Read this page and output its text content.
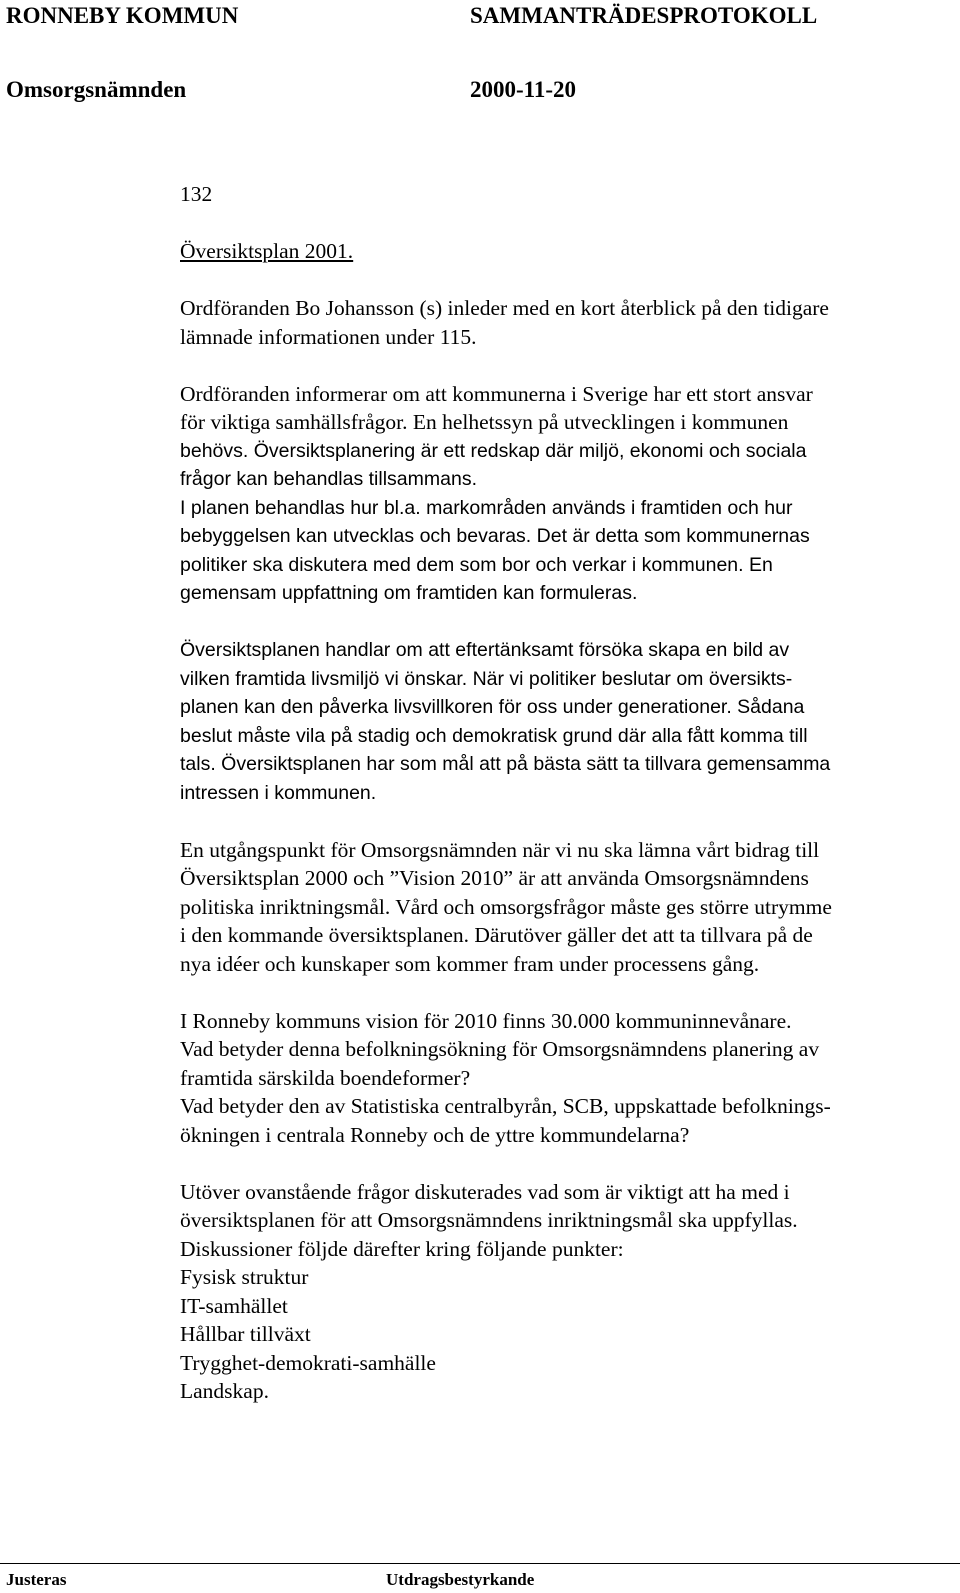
RONNEBY KOMMUN	SAMMANTRÄDESPROTOKOLL
Omsorgsnämnden	2000-11-20

132

Översiktsplan 2001.

Ordföranden Bo Johansson (s) inleder med en kort återblick på den tidigare
lämnade informationen under 115.

Ordföranden informerar om att kommunerna i Sverige har ett stort ansvar
för viktiga samhällsfrågor. En helhetssyn på utvecklingen i kommunen
behövs. Översiktsplanering är ett redskap där miljö, ekonomi och sociala
frågor kan behandlas tillsammans.
I planen behandlas hur bl.a. markområden används i framtiden och hur
bebyggelsen kan utvecklas och bevaras. Det är detta som kommunernas
politiker ska diskutera med dem som bor och verkar i kommunen. En
gemensam uppfattning om framtiden kan formuleras.

Översiktsplanen handlar om att eftertänksamt försöka skapa en bild av
vilken framtida livsmiljö vi önskar. När vi politiker beslutar om översikts-
planen kan den påverka livsvillkoren för oss under generationer. Sådana
beslut måste vila på stadig och demokratisk grund där alla fått komma till
tals. Översiktsplanen har som mål att på bästa sätt ta tillvara gemensamma
intressen i kommunen.

En utgångspunkt för Omsorgsnämnden när vi nu ska lämna vårt bidrag till
Översiktsplan 2000 och ”Vision 2010” är att använda Omsorgsnämndens
politiska inriktningsmål. Vård och omsorgsfrågor måste ges större utrymme
i den kommande översiktsplanen. Därutöver gäller det att ta tillvara på de
nya idéer och kunskaper som kommer fram under processens gång.

I Ronneby kommuns vision för 2010 finns 30.000 kommuninnevånare.
Vad betyder denna befolkningsökning för Omsorgsnämndens planering av
framtida särskilda boendeformer?
Vad betyder den av Statistiska centralbyrån, SCB, uppskattade befolknings-
ökningen i centrala Ronneby och de yttre kommundelarna?

Utöver ovanstående frågor diskuterades vad som är viktigt att ha med i
översiktsplanen för att Omsorgsnämndens inriktningsmål ska uppfyllas.
Diskussioner följde därefter kring följande punkter:
Fysisk struktur
IT-samhället
Hållbar tillväxt
Trygghet-demokrati-samhälle
Landskap.

Justeras	Utdragsbestyrkande
